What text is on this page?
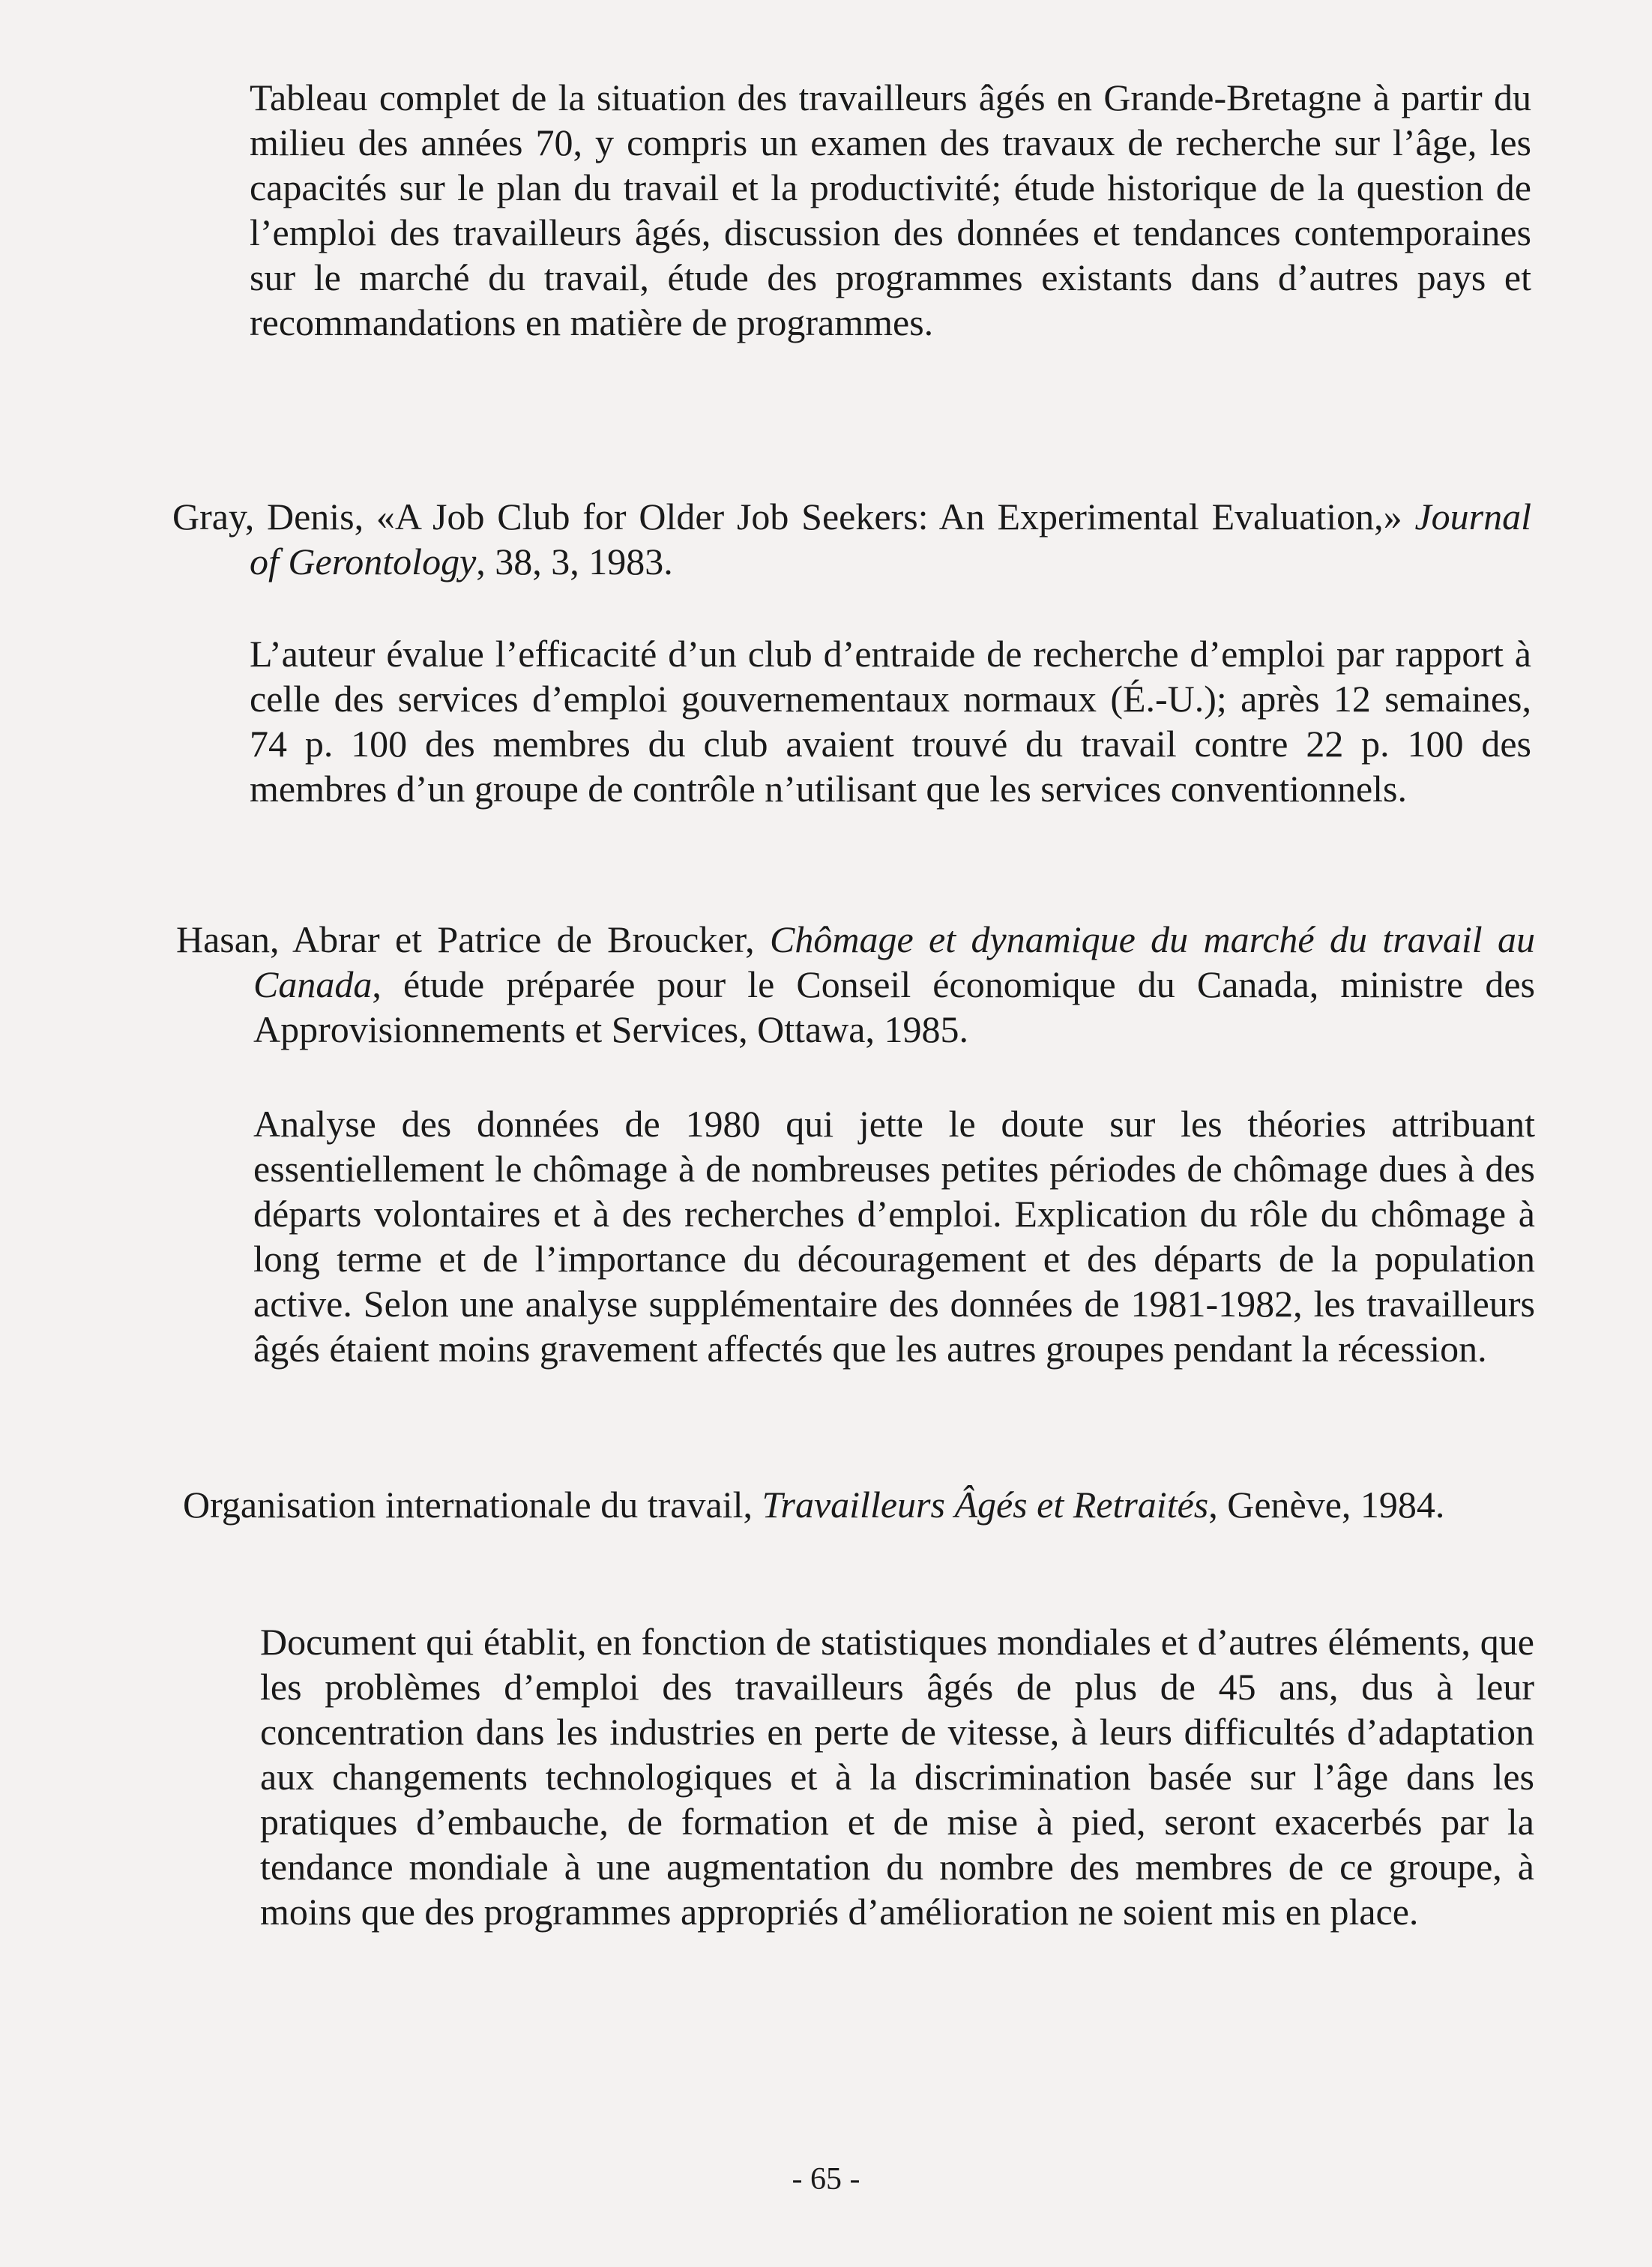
Tableau complet de la situation des travailleurs âgés en Grande-Bretagne à partir du milieu des années 70, y compris un examen des travaux de recherche sur l’âge, les capacités sur le plan du travail et la productivité; étude historique de la question de l’emploi des travailleurs âgés, discussion des données et tendances contemporaines sur le marché du travail, étude des programmes existants dans d’autres pays et recommandations en matière de programmes.

Gray, Denis, «A Job Club for Older Job Seekers: An Experimental Evaluation,» Journal of Gerontology, 38, 3, 1983.

L’auteur évalue l’efficacité d’un club d’entraide de recherche d’emploi par rapport à celle des services d’emploi gouvernementaux normaux (É.-U.); après 12 semaines, 74 p. 100 des membres du club avaient trouvé du travail contre 22 p. 100 des membres d’un groupe de contrôle n’utilisant que les services conventionnels.

Hasan, Abrar et Patrice de Broucker, Chômage et dynamique du marché du travail au Canada, étude préparée pour le Conseil économique du Canada, ministre des Approvisionnements et Services, Ottawa, 1985.

Analyse des données de 1980 qui jette le doute sur les théories attribuant essentiellement le chômage à de nombreuses petites périodes de chômage dues à des départs volontaires et à des recherches d’emploi. Explication du rôle du chômage à long terme et de l’importance du découragement et des départs de la population active. Selon une analyse supplémentaire des données de 1981-1982, les travailleurs âgés étaient moins gravement affectés que les autres groupes pendant la récession.

Organisation internationale du travail, Travailleurs Âgés et Retraités, Genève, 1984.

Document qui établit, en fonction de statistiques mondiales et d’autres éléments, que les problèmes d’emploi des travailleurs âgés de plus de 45 ans, dus à leur concentration dans les industries en perte de vitesse, à leurs difficultés d’adaptation aux changements technologiques et à la discrimination basée sur l’âge dans les pratiques d’embauche, de formation et de mise à pied, seront exacerbés par la tendance mondiale à une augmentation du nombre des membres de ce groupe, à moins que des programmes appropriés d’amélioration ne soient mis en place.

- 65 -
